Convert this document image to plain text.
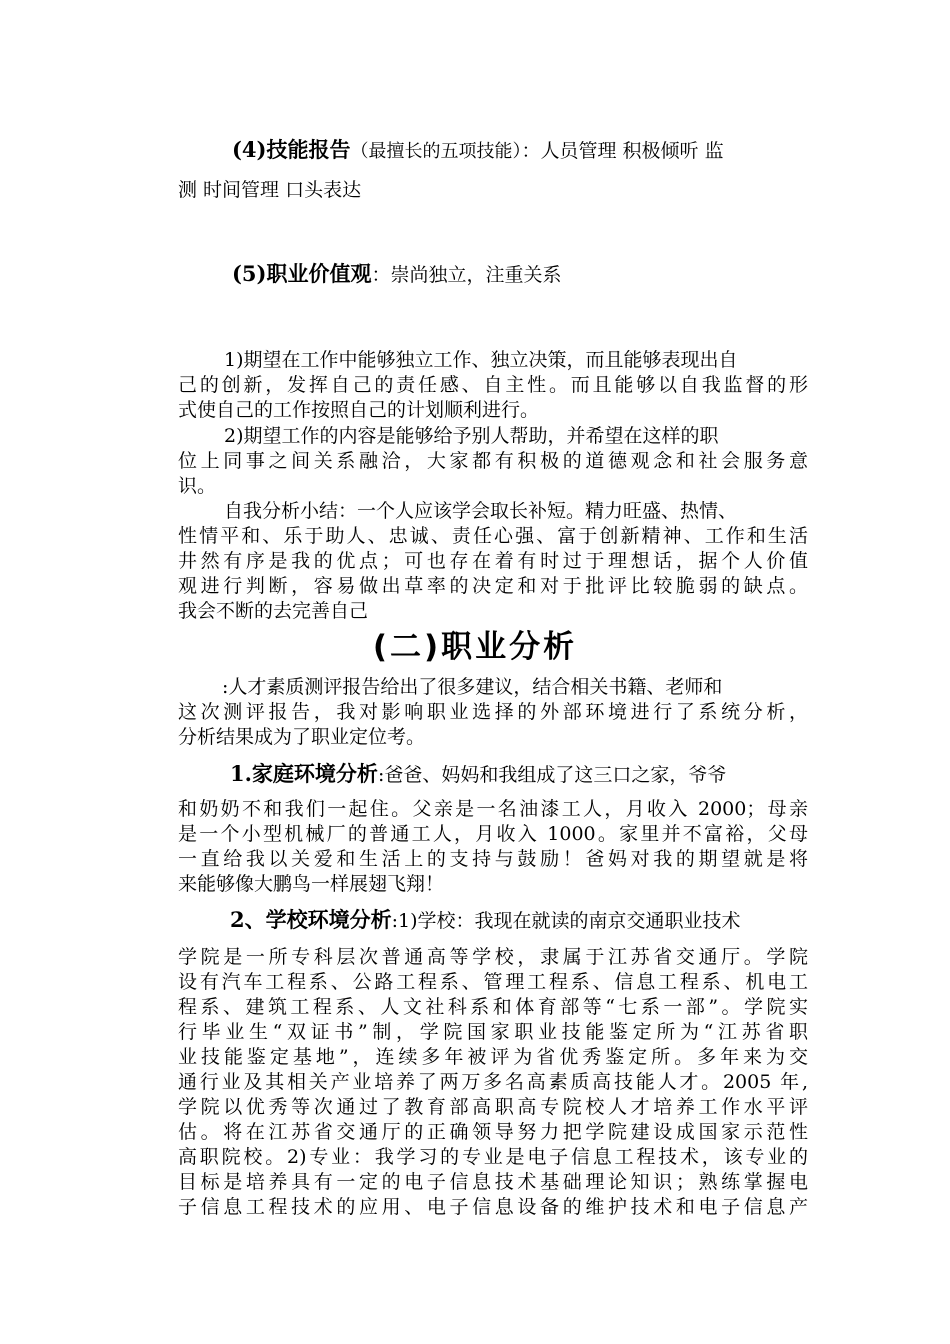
(4)技能报告（最擅长的五项技能）：人员管理 积极倾听 监
测 时间管理 口头表达
(5)职业价值观：崇尚独立，注重关系
1)期望在工作中能够独立工作、独立决策，而且能够表现出自
己的创新，发挥自己的责任感、自主性。而且能够以自我监督的形
式使自己的工作按照自己的计划顺利进行。
2)期望工作的内容是能够给予别人帮助，并希望在这样的职
位上同事之间关系融洽，大家都有积极的道德观念和社会服务意
识。
自我分析小结：一个人应该学会取长补短。精力旺盛、热情、
性情平和、乐于助人、忠诚、责任心强、富于创新精神、工作和生活
井然有序是我的优点；可也存在着有时过于理想话，据个人价值
观进行判断，容易做出草率的决定和对于批评比较脆弱的缺点。
我会不断的去完善自己
(二)职业分析
:人才素质测评报告给出了很多建议，结合相关书籍、老师和
这次测评报告，我对影响职业选择的外部环境进行了系统分析，
分析结果成为了职业定位考。
1.家庭环境分析:爸爸、妈妈和我组成了这三口之家，爷爷
和奶奶不和我们一起住。父亲是一名油漆工人，月收入 2000；母亲
是一个小型机械厂的普通工人，月收入 1000。家里并不富裕，父母
一直给我以关爱和生活上的支持与鼓励！爸妈对我的期望就是将
来能够像大鹏鸟一样展翅飞翔！
2、学校环境分析:1)学校：我现在就读的南京交通职业技术
学院是一所专科层次普通高等学校，隶属于江苏省交通厅。学院
设有汽车工程系、公路工程系、管理工程系、信息工程系、机电工
程系、建筑工程系、人文社科系和体育部等“七系一部”。学院实
行毕业生“双证书”制，学院国家职业技能鉴定所为“江苏省职
业技能鉴定基地”，连续多年被评为省优秀鉴定所。多年来为交
通行业及其相关产业培养了两万多名高素质高技能人才。2005 年,
学院以优秀等次通过了教育部高职高专院校人才培养工作水平评
估。将在江苏省交通厅的正确领导努力把学院建设成国家示范性
高职院校。2)专业：我学习的专业是电子信息工程技术，该专业的
目标是培养具有一定的电子信息技术基础理论知识；熟练掌握电
子信息工程技术的应用、电子信息设备的维护技术和电子信息产
